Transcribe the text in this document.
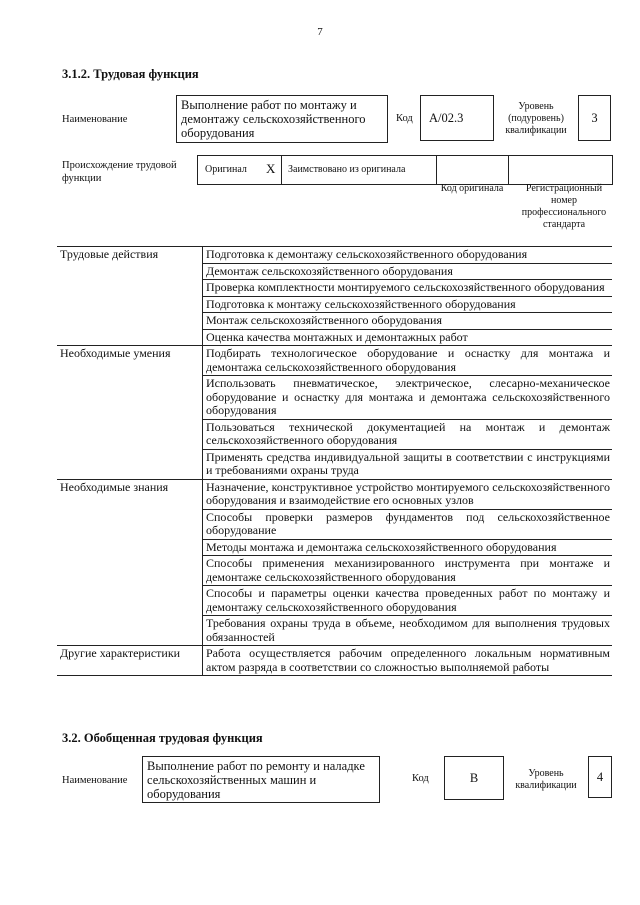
7
3.1.2. Трудовая функция
Наименование
Выполнение работ по монтажу и демонтажу сельскохозяйственного оборудования
Код	A/02.3
Уровень (подуровень) квалификации
3
Происхождение трудовой функции
Оригинал X Заимствовано из оригинала
Код оригинала	Регистрационный номер профессионального стандарта
Трудовые действия	Подготовка к демонтажу сельскохозяйственного оборудования
	Демонтаж сельскохозяйственного оборудования
	Проверка комплектности монтируемого сельскохозяйственного оборудования
	Подготовка к монтажу сельскохозяйственного оборудования
	Монтаж сельскохозяйственного оборудования
	Оценка качества монтажных и демонтажных работ
Необходимые умения	Подбирать технологическое оборудование и оснастку для монтажа и демонтажа сельскохозяйственного оборудования
	Использовать пневматическое, электрическое, слесарно-механическое оборудование и оснастку для монтажа и демонтажа сельскохозяйственного оборудования
	Пользоваться технической документацией на монтаж и демонтаж сельскохозяйственного оборудования
	Применять средства индивидуальной защиты в соответствии с инструкциями и требованиями охраны труда
Необходимые знания	Назначение, конструктивное устройство монтируемого сельскохозяйственного оборудования и взаимодействие его основных узлов
	Способы проверки размеров фундаментов под сельскохозяйственное оборудование
	Методы монтажа и демонтажа сельскохозяйственного оборудования
	Способы применения механизированного инструмента при монтаже и демонтаже сельскохозяйственного оборудования
	Способы и параметры оценки качества проведенных работ по монтажу и демонтажу сельскохозяйственного оборудования
	Требования охраны труда в объеме, необходимом для выполнения трудовых обязанностей
Другие характеристики	Работа осуществляется рабочим определенного локальным нормативным актом разряда в соответствии со сложностью выполняемой работы
3.2. Обобщенная трудовая функция
Наименование
Выполнение работ по ремонту и наладке сельскохозяйственных машин и оборудования
Код	B	Уровень квалификации
4
